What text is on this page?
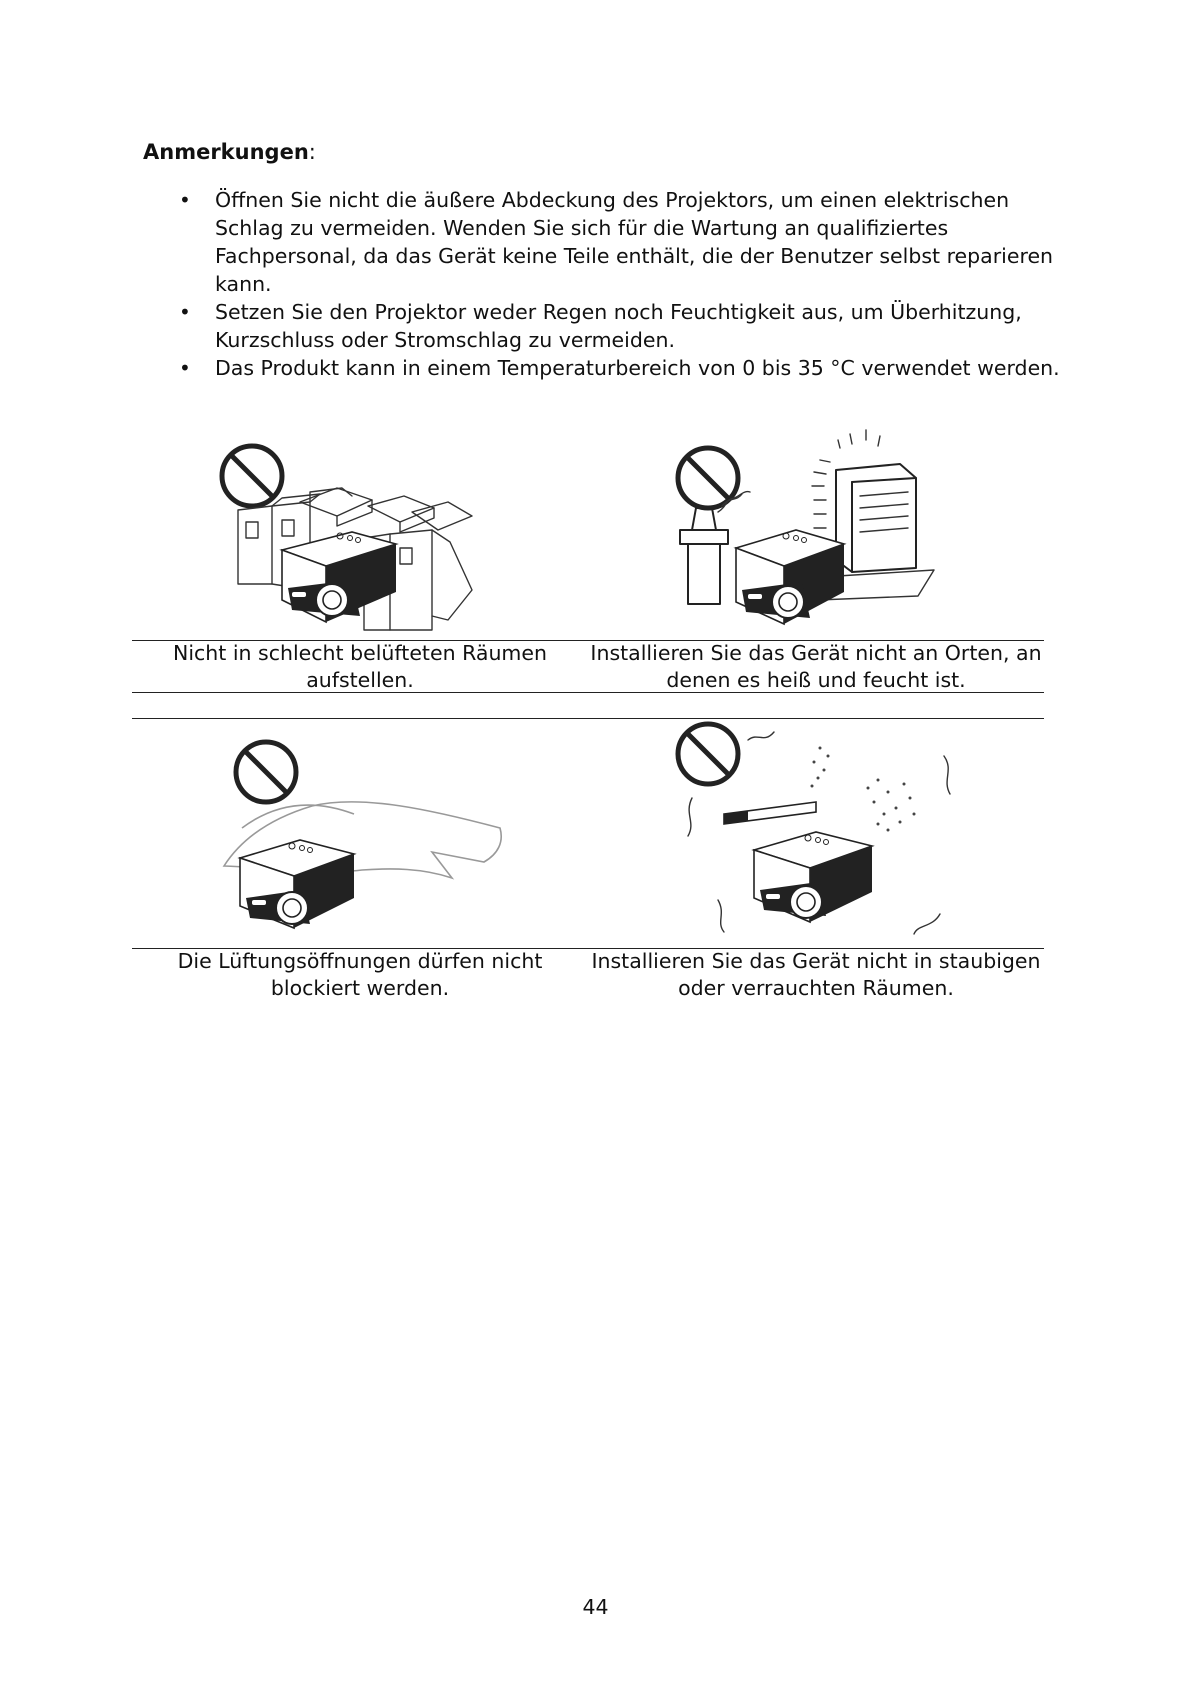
Anmerkungen:
• Öffnen Sie nicht die äußere Abdeckung des Projektors, um einen elektrischen Schlag zu vermeiden. Wenden Sie sich für die Wartung an qualifiziertes Fachpersonal, da das Gerät keine Teile enthält, die der Benutzer selbst reparieren kann.
• Setzen Sie den Projektor weder Regen noch Feuchtigkeit aus, um Überhitzung, Kurzschluss oder Stromschlag zu vermeiden.
• Das Produkt kann in einem Temperaturbereich von 0 bis 35 °C verwendet werden.
Nicht in schlecht belüfteten Räumen aufstellen.
Installieren Sie das Gerät nicht an Orten, an denen es heiß und feucht ist.
Die Lüftungsöffnungen dürfen nicht blockiert werden.
Installieren Sie das Gerät nicht in staubigen oder verrauchten Räumen.
44
